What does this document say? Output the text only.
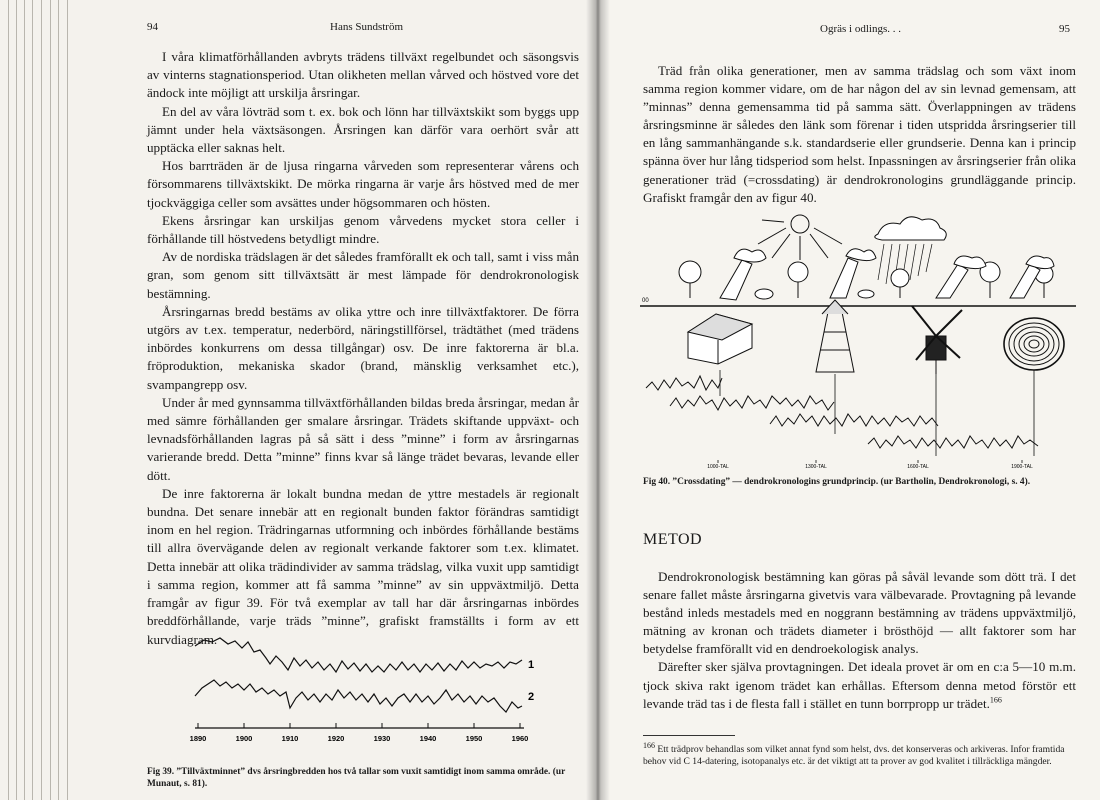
94	Hans Sundström

I våra klimatförhållanden avbryts trädens tillväxt regelbundet och säsongsvis av vinterns stagnationsperiod. Utan olikheten mellan vårved och höstved vore det ändock inte möjligt att urskilja årsringar.

En del av våra lövträd som t. ex. bok och lönn har tillväxtskikt som byggs upp jämnt under hela växtsäsongen. Årsringen kan därför vara oerhört svår att upptäcka eller saknas helt.

Hos barrträden är de ljusa ringarna vårveden som representerar vårens och försommarens tillväxtskikt. De mörka ringarna är varje års höstved med de mer tjockväggiga celler som avsättes under högsommaren och hösten.

Ekens årsringar kan urskiljas genom vårvedens mycket stora celler i förhållande till höstvedens betydligt mindre.

Av de nordiska trädslagen är det således framförallt ek och tall, samt i viss mån gran, som genom sitt tillväxtsätt är mest lämpade för dendrokronologisk bestämning.

Årsringarnas bredd bestäms av olika yttre och inre tillväxtfaktorer. De förra utgörs av t.ex. temperatur, nederbörd, näringstillförsel, trädtäthet (med trädens inbördes konkurrens om dessa tillgångar) osv. De inre faktorerna är bl.a. fröproduktion, mekaniska skador (brand, mänsklig verksamhet etc.), svampangrepp osv.

Under år med gynnsamma tillväxtförhållanden bildas breda årsringar, medan år med sämre förhållanden ger smalare årsringar. Trädets skiftande uppväxt- och levnadsförhållanden lagras på så sätt i dess ”minne” i form av årsringarnas varierande bredd. Detta ”minne” finns kvar så länge trädet bevaras, levande eller dött.

De inre faktorerna är lokalt bundna medan de yttre mestadels är regionalt bundna. Det senare innebär att en regionalt bunden faktor förändras samtidigt inom en hel region. Trädringarnas utformning och inbördes förhållande bestäms till allra övervägande delen av regionalt verkande faktorer som t.ex. klimatet. Detta innebär att olika trädindivider av samma trädslag, vilka vuxit upp samtidigt i samma region, kommer att få samma ”minne” av sin uppväxtmiljö. Detta framgår av figur 39. För två exemplar av tall har där årsringarnas inbördes breddförhållande, varje träds ”minne”, grafiskt framställts i form av ett kurvdiagram.

1
2
1890	1900	1910	1920	1930	1940	1950	1960
Fig 39. ”Tillväxtminnet” dvs årsringbredden hos två tallar som vuxit samtidigt inom samma område. (ur Munaut, s. 81).
Ogräs i odlings. . .	95

Träd från olika generationer, men av samma trädslag och som växt inom samma region kommer vidare, om de har någon del av sin levnad gemensam, att ”minnas” denna gemensamma tid på samma sätt. Överlappningen av trädens årsringsminne är således den länk som förenar i tiden utspridda årsringserier till en lång sammanhängande s.k. standardserie eller grundserie. Denna kan i princip spänna över hur lång tidsperiod som helst. Inpassningen av årsringserier från olika generationer träd (=crossdating) är dendrokronologins grundläggande princip. Grafiskt framgår den av figur 40.

00
1000-TAL	1300-TAL	1600-TAL	1900-TAL
Fig 40. ”Crossdating” — dendrokronologins grundprincip. (ur Bartholin, Dendrokronologi, s. 4).
METOD

Dendrokronologisk bestämning kan göras på såväl levande som dött trä. I det senare fallet måste årsringarna givetvis vara välbevarade. Provtagning på levande bestånd inleds mestadels med en noggrann bestämning av trädens uppväxtmiljö, mätning av kronan och trädets diameter i brösthöjd — allt faktorer som har betydelse framförallt vid en dendroekologisk analys.

Därefter sker själva provtagningen. Det ideala provet är om en c:a 5—10 m.m. tjock skiva rakt igenom trädet kan erhållas. Eftersom denna metod förstör ett levande träd tas i de flesta fall i stället en tunn borrpropp ur trädet.$^{166}$

$^{166}$ Ett trädprov behandlas som vilket annat fynd som helst, dvs. det konserveras och arkiveras. Infor framtida behov vid C 14-datering, isotopanalys etc. är det viktigt att ta prover av god kvalitet i tillräckliga mängder.
